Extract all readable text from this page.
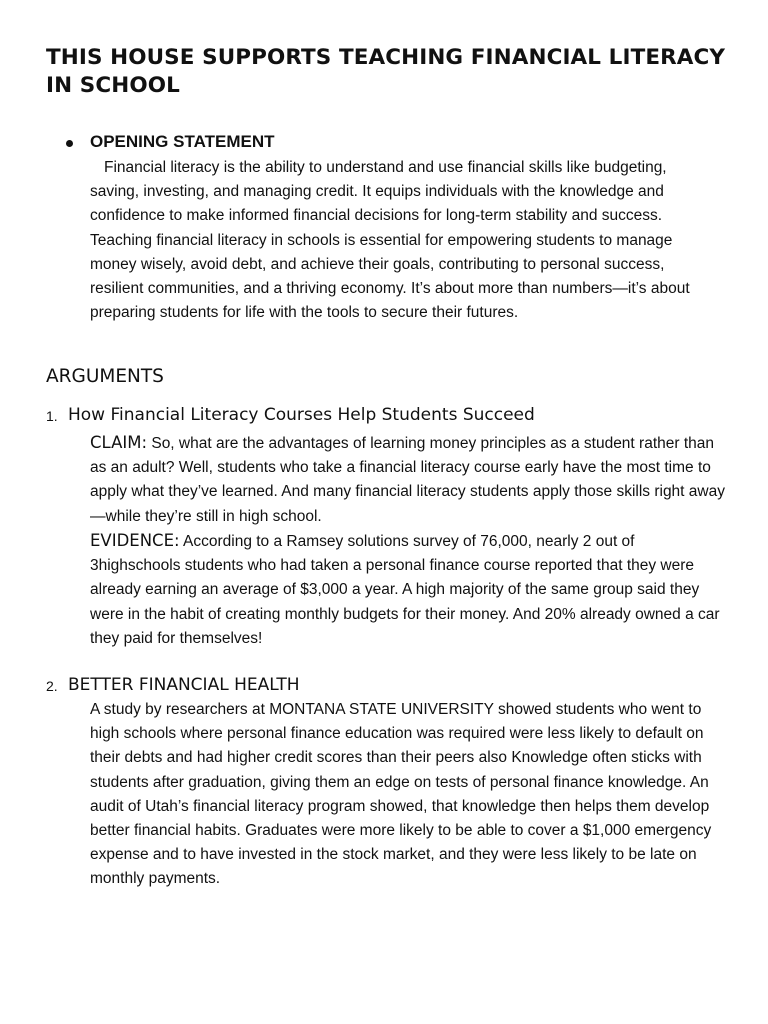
THIS HOUSE SUPPORTS TEACHING FINANCIAL LITERACY IN SCHOOL
OPENING STATEMENT
Financial literacy is the ability to understand and use financial skills like budgeting, saving, investing, and managing credit. It equips individuals with the knowledge and confidence to make informed financial decisions for long-term stability and success. Teaching financial literacy in schools is essential for empowering students to manage money wisely, avoid debt, and achieve their goals, contributing to personal success, resilient communities, and a thriving economy. It’s about more than numbers—it’s about preparing students for life with the tools to secure their futures.
ARGUMENTS
1. How Financial Literacy Courses Help Students Succeed
CLAIM: So, what are the advantages of learning money principles as a student rather than as an adult? Well, students who take a financial literacy course early have the most time to apply what they’ve learned. And many financial literacy students apply those skills right away—while they’re still in high school.
EVIDENCE: According to a Ramsey solutions survey of 76,000, nearly 2 out of 3highschools students who had taken a personal finance course reported that they were already earning an average of $3,000 a year. A high majority of the same group said they were in the habit of creating monthly budgets for their money. And 20% already owned a car they paid for themselves!
2. BETTER FINANCIAL HEALTH
A study by researchers at MONTANA STATE UNIVERSITY showed students who went to high schools where personal finance education was required were less likely to default on their debts and had higher credit scores than their peers also Knowledge often sticks with students after graduation, giving them an edge on tests of personal finance knowledge. An audit of Utah’s financial literacy program showed, that knowledge then helps them develop better financial habits. Graduates were more likely to be able to cover a $1,000 emergency expense and to have invested in the stock market, and they were less likely to be late on monthly payments.
